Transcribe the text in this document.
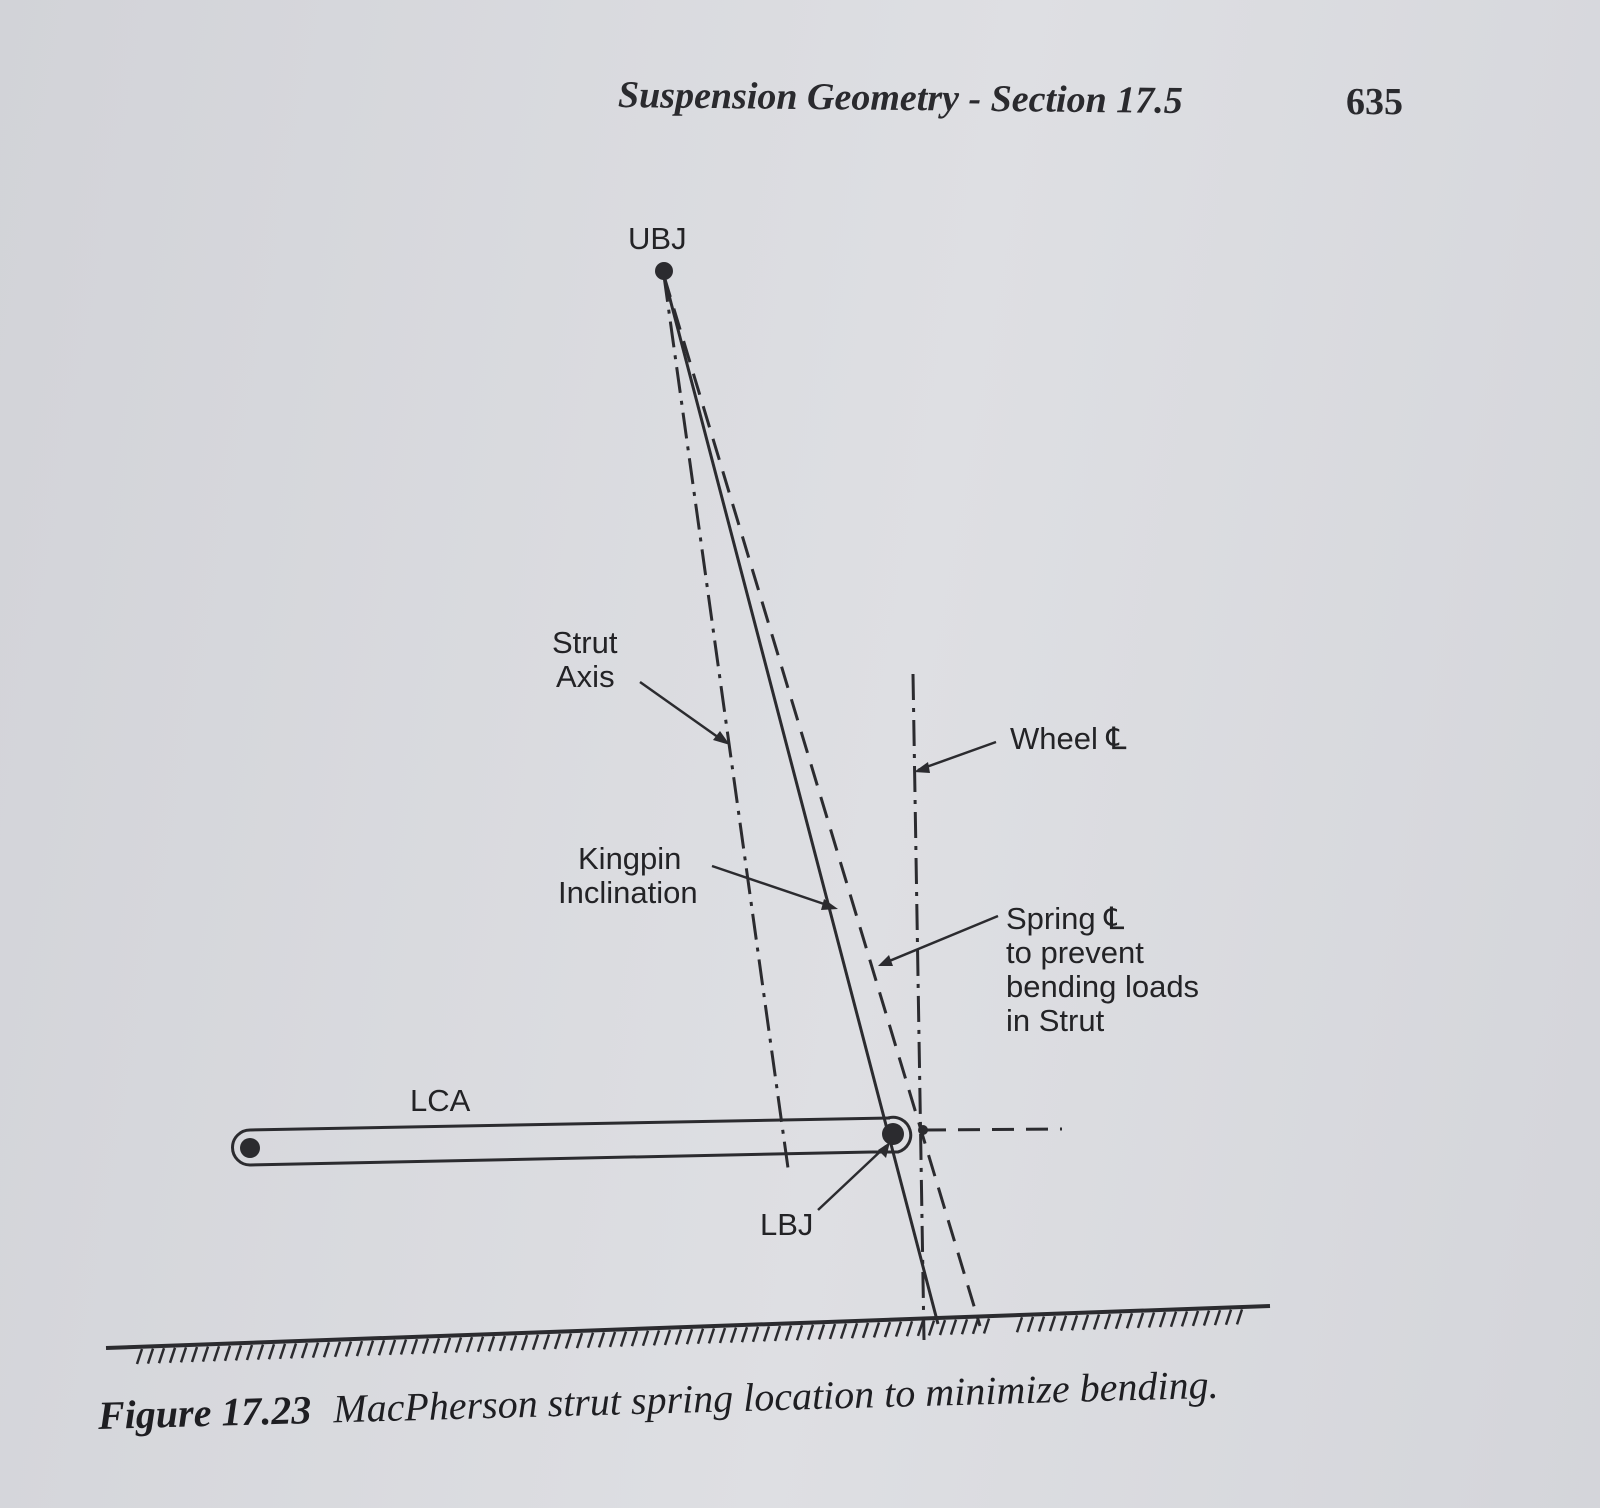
Suspension Geometry - Section 17.5	635
UBJ
Strut
Axis
Wheel ℄
Kingpin
Inclination
Spring ℄
to prevent
bending loads
in Strut
LCA
LBJ
Figure 17.23 MacPherson strut spring location to minimize bending.
